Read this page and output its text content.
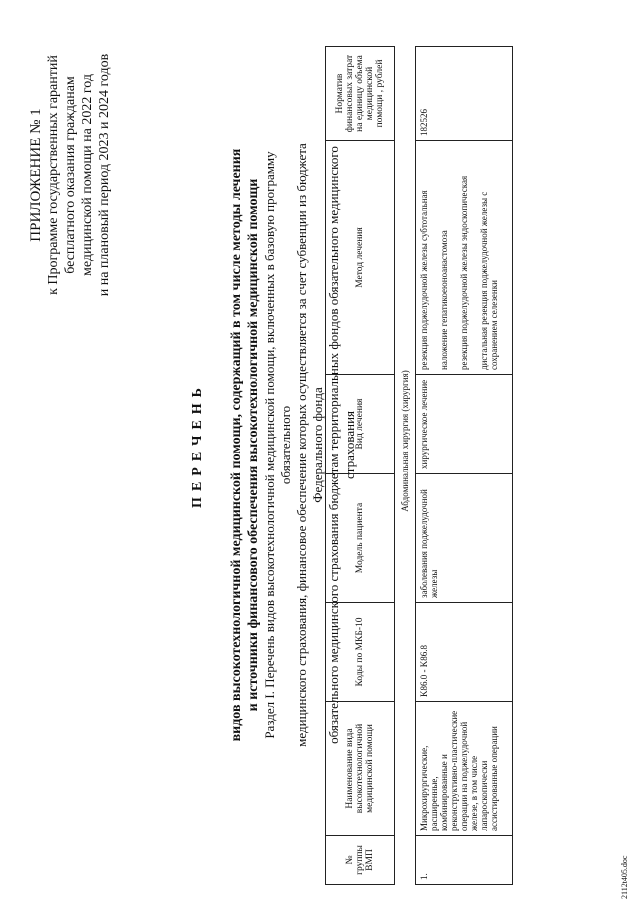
ПРИЛОЖЕНИЕ № 1 к Программе государственных гарантий бесплатного оказания гражданам медицинской помощи на 2022 год и на плановый период 2023 и 2024 годов
ПЕРЕЧЕНЬ видов высокотехнологичной медицинской помощи, содержащий в том числе методы лечения и источники финансового обеспечения высокотехнологичной медицинской помощи Раздел I. Перечень видов высокотехнологичной медицинской помощи, включенных в базовую программу обязательного медицинского страхования, финансовое обеспечение которых осуществляется за счет субвенции из бюджета Федерального фонда обязательного медицинского страхования бюджетам территориальных фондов обязательного медицинского страхования
№ группы ВМП	Наименование вида высокотехнологичной медицинской помощи	Коды по МКБ-10	Модель пациента	Вид лечения	Метод лечения	Норматив финансовых затрат на единицу объема медицинской помощи , рублей
	Абдоминальная хирургия (хирургия)					
1.	Микрохирургические, расширенные, комбинированные и реконструктивно-пластические операции на поджелудочной железе, в том числе лапароскопически ассистированные операции	K86.0 - K86.8	заболевания поджелудочной железы	хирургическое лечение	резекция поджелудочной железы субтотальная наложение гепатикоеюноанастомоза резекция поджелудочной железы эндоскопическая дистальная резекция поджелудочной железы с сохранением селезенки	182526
2112t405.doc
